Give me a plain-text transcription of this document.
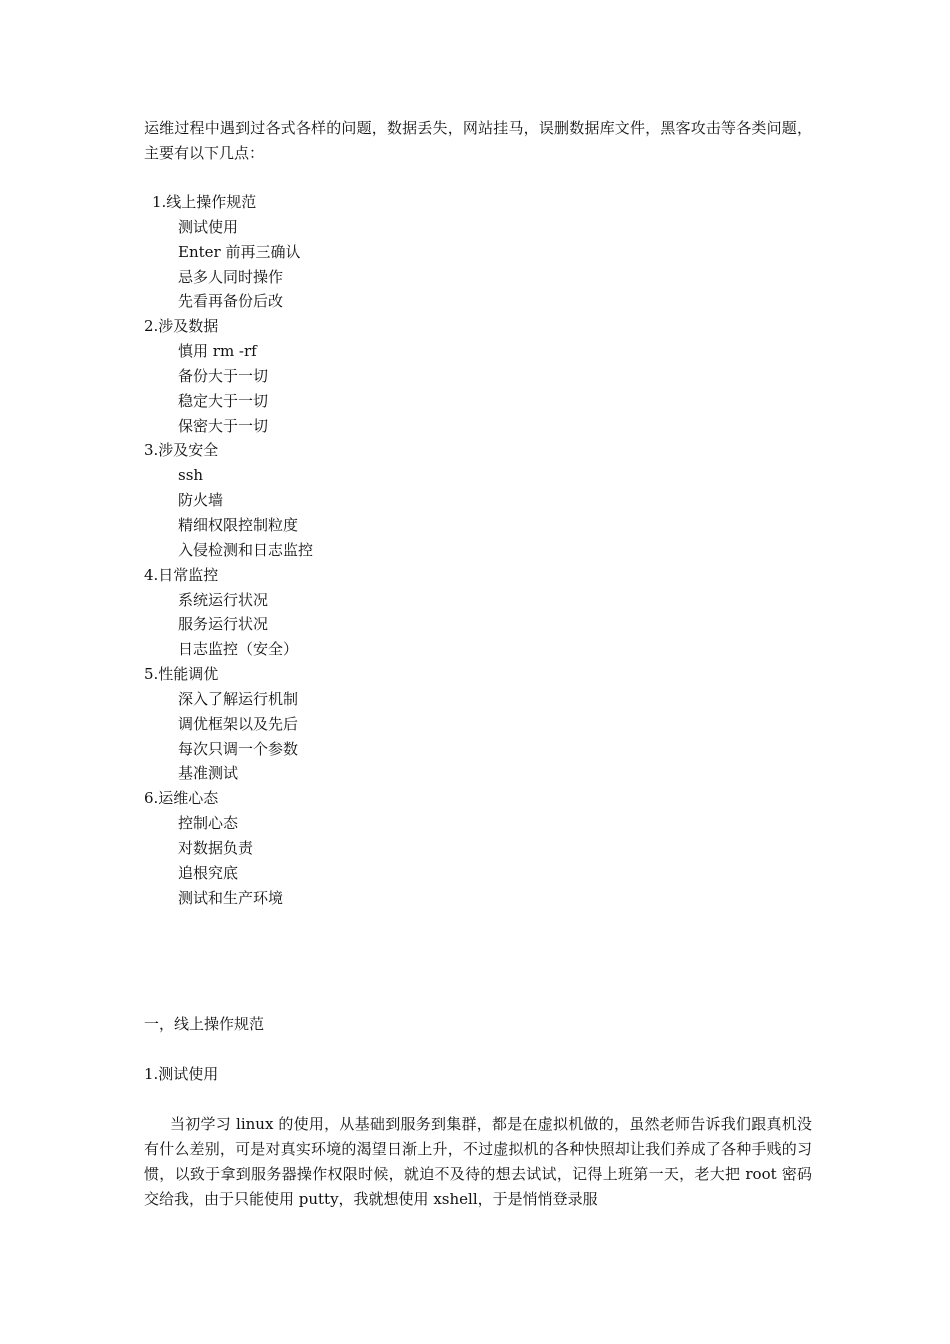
运维过程中遇到过各式各样的问题，数据丢失，网站挂马，误删数据库文件，黑客攻击等各类问题，主要有以下几点：

1.线上操作规范
测试使用
Enter 前再三确认
忌多人同时操作
先看再备份后改
2.涉及数据
慎用 rm -rf
备份大于一切
稳定大于一切
保密大于一切
3.涉及安全
ssh
防火墙
精细权限控制粒度
入侵检测和日志监控
4.日常监控
系统运行状况
服务运行状况
日志监控（安全）
5.性能调优
深入了解运行机制
调优框架以及先后
每次只调一个参数
基准测试
6.运维心态
控制心态
对数据负责
追根究底
测试和生产环境
一，线上操作规范
1.测试使用

当初学习 linux 的使用，从基础到服务到集群，都是在虚拟机做的，虽然老师告诉我们跟真机没有什么差别，可是对真实环境的渴望日渐上升，不过虚拟机的各种快照却让我们养成了各种手贱的习惯，以致于拿到服务器操作权限时候，就迫不及待的想去试试，记得上班第一天，老大把 root 密码交给我，由于只能使用 putty，我就想使用 xshell，于是悄悄登录服
